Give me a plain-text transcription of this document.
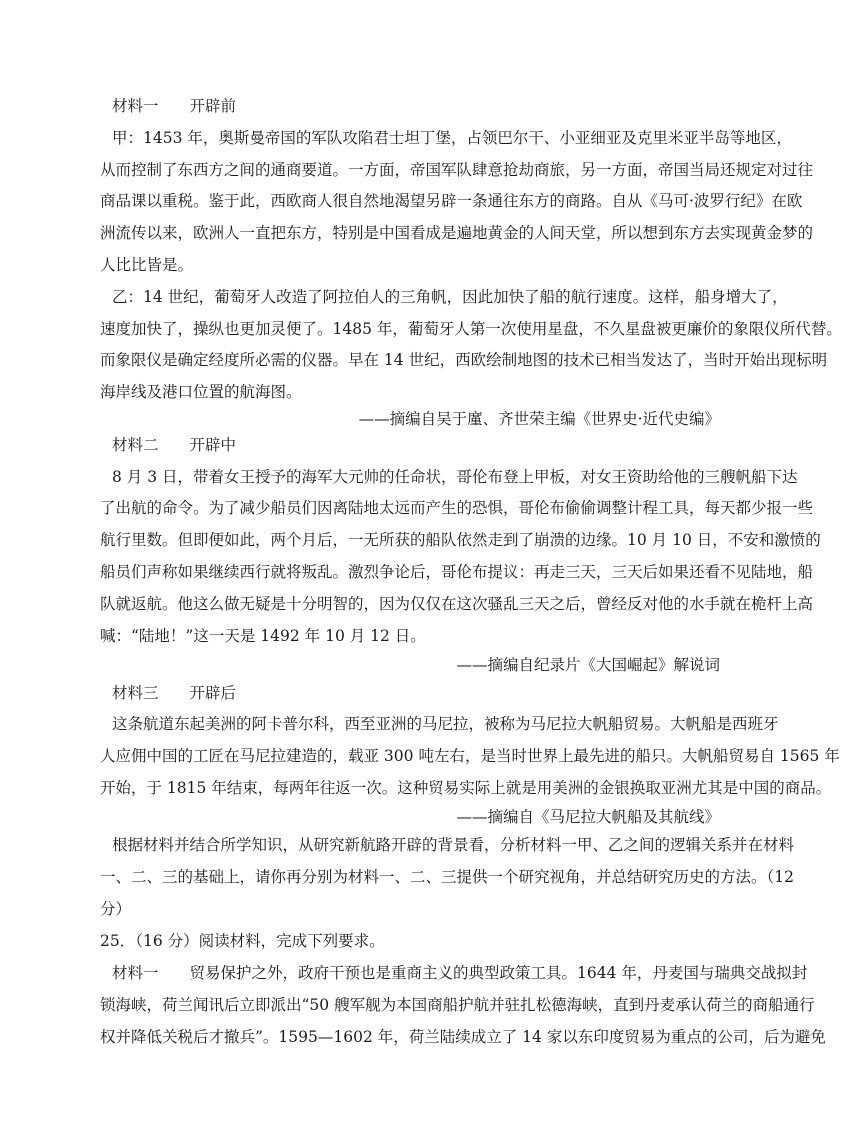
材料一　　开辟前
甲：1453 年，奥斯曼帝国的军队攻陷君士坦丁堡，占领巴尔干、小亚细亚及克里米亚半岛等地区，
从而控制了东西方之间的通商要道。一方面，帝国军队肆意抢劫商旅，另一方面，帝国当局还规定对过往
商品课以重税。鉴于此，西欧商人很自然地渴望另辟一条通往东方的商路。自从《马可·波罗行纪》在欧
洲流传以来，欧洲人一直把东方，特别是中国看成是遍地黄金的人间天堂，所以想到东方去实现黄金梦的
人比比皆是。
乙：14 世纪，葡萄牙人改造了阿拉伯人的三角帆，因此加快了船的航行速度。这样，船身增大了，
速度加快了，操纵也更加灵便了。1485 年，葡萄牙人第一次使用星盘，不久星盘被更廉价的象限仪所代替。
而象限仪是确定经度所必需的仪器。早在 14 世纪，西欧绘制地图的技术已相当发达了，当时开始出现标明
海岸线及港口位置的航海图。
——摘编自吴于廑、齐世荣主编《世界史·近代史编》
材料二　　开辟中
8 月 3 日，带着女王授予的海军大元帅的任命状，哥伦布登上甲板，对女王资助给他的三艘帆船下达
了出航的命令。为了减少船员们因离陆地太远而产生的恐惧，哥伦布偷偷调整计程工具，每天都少报一些
航行里数。但即便如此，两个月后，一无所获的船队依然走到了崩溃的边缘。10 月 10 日，不安和激愤的
船员们声称如果继续西行就将叛乱。激烈争论后，哥伦布提议：再走三天，三天后如果还看不见陆地，船
队就返航。他这么做无疑是十分明智的，因为仅仅在这次骚乱三天之后，曾经反对他的水手就在桅杆上高
喊：“陆地！”这一天是 1492 年 10 月 12 日。
——摘编自纪录片《大国崛起》解说词
材料三　　开辟后
这条航道东起美洲的阿卡普尔科，西至亚洲的马尼拉，被称为马尼拉大帆船贸易。大帆船是西班牙
人应佣中国的工匠在马尼拉建造的，载亚 300 吨左右，是当时世界上最先进的船只。大帆船贸易自 1565 年
开始，于 1815 年结束，每两年往返一次。这种贸易实际上就是用美洲的金银换取亚洲尤其是中国的商品。
——摘编自《马尼拉大帆船及其航线》
根据材料并结合所学知识，从研究新航路开辟的背景看，分析材料一甲、乙之间的逻辑关系并在材料
一、二、三的基础上，请你再分别为材料一、二、三提供一个研究视角，并总结研究历史的方法。（12
分）
25．（16 分）阅读材料，完成下列要求。
材料一　　贸易保护之外，政府干预也是重商主义的典型政策工具。1644 年，丹麦国与瑞典交战拟封
锁海峡，荷兰闻讯后立即派出“50 艘军舰为本国商船护航并驻扎松德海峡，直到丹麦承认荷兰的商船通行
权并降低关税后才撤兵”。1595—1602 年，荷兰陆续成立了 14 家以东印度贸易为重点的公司，后为避免
